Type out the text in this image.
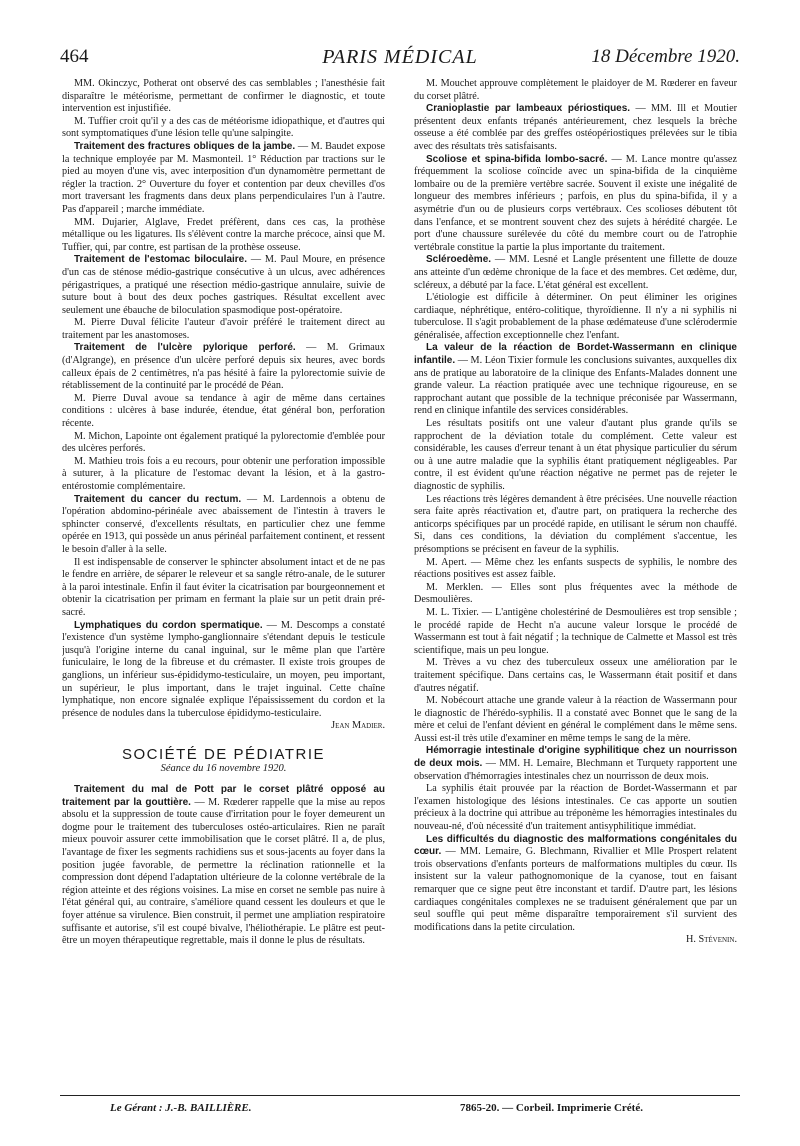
464	PARIS MÉDICAL	18 Décembre 1920.

MM. Okinczyc, Potherat ont observé des cas semblables ; l'anesthésie fait disparaître le météorisme, permettant de confirmer le diagnostic, et toute intervention est injustifiée.

M. Tuffier croit qu'il y a des cas de météorisme idiopathique, et d'autres qui sont symptomatiques d'une lésion telle qu'une salpingite.

Traitement des fractures obliques de la jambe. — M. Baudet expose la technique employée par M. Masmonteil. 1° Réduction par tractions sur le pied au moyen d'une vis, avec interposition d'un dynamomètre permettant de régler la traction. 2° Ouverture du foyer et contention par deux chevilles d'os mort traversant les fragments dans deux plans perpendiculaires l'un à l'autre. Pas d'appareil ; marche immédiate.

MM. Dujarier, Alglave, Fredet préfèrent, dans ces cas, la prothèse métallique ou les ligatures. Ils s'élèvent contre la marche précoce, ainsi que M. Tuffier, qui, par contre, est partisan de la prothèse osseuse.

Traitement de l'estomac biloculaire. — M. Paul Moure, en présence d'un cas de sténose médio-gastrique consécutive à un ulcus, avec adhérences périgastriques, a pratiqué une résection médio-gastrique annulaire, suivie de suture bout à bout des deux poches gastriques. Résultat excellent avec seulement une ébauche de biloculation spasmodique post-opératoire.

M. Pierre Duval félicite l'auteur d'avoir préféré le traitement direct au traitement par les anastomoses.

Traitement de l'ulcère pylorique perforé. — M. Grimaux (d'Algrange), en présence d'un ulcère perforé depuis six heures, avec bords calleux épais de 2 centimètres, n'a pas hésité à faire la pylorectomie suivie de rétablissement de la continuité par le procédé de Péan.

M. Pierre Duval avoue sa tendance à agir de même dans certaines conditions : ulcères à base indurée, étendue, état général bon, perforation récente.

M. Michon, Lapointe ont également pratiqué la pylorectomie d'emblée pour des ulcères perforés.

M. Mathieu trois fois a eu recours, pour obtenir une perforation impossible à suturer, à la plicature de l'estomac devant la lésion, et à la gastro-entérostomie complémentaire.

Traitement du cancer du rectum. — M. Lardennois a obtenu de l'opération abdomino-périnéale avec abaissement de l'intestin à travers le sphincter conservé, d'excellents résultats, en particulier chez une femme opérée en 1913, qui possède un anus périnéal parfaitement continent, et ressent le besoin d'aller à la selle.

Il est indispensable de conserver le sphincter absolument intact et de ne pas le fendre en arrière, de séparer le releveur et sa sangle rétro-anale, de le suturer à la paroi intestinale. Enfin il faut éviter la cicatrisation par bourgeonnement et obtenir la cicatrisation per primam en fermant la plaie sur un petit drain pré-sacré.

Lymphatiques du cordon spermatique. — M. Descomps a constaté l'existence d'un système lympho-ganglionnaire s'étendant depuis le testicule jusqu'à l'origine interne du canal inguinal, sur le même plan que l'artère funiculaire, le long de la fibreuse et du crémaster. Il existe trois groupes de ganglions, un inférieur sus-épididymo-testiculaire, un moyen, peu important, un supérieur, le plus important, dans le trajet inguinal. Cette chaîne lymphatique, non encore signalée explique l'épaississement du cordon et la présence de nodules dans la tuberculose épididymo-testiculaire.

Jean Madier.

SOCIÉTÉ DE PÉDIATRIE
Séance du 16 novembre 1920.

Traitement du mal de Pott par le corset plâtré opposé au traitement par la gouttière. — M. Rœderer rappelle que la mise au repos absolu et la suppression de toute cause d'irritation pour le foyer demeurent un dogme pour le traitement des tuberculoses ostéo-articulaires. Rien ne paraît mieux pouvoir assurer cette immobilisation que le corset plâtré. Il a, de plus, l'avantage de fixer les segments rachidiens sus et sous-jacents au foyer dans la position jugée favorable, de permettre la réclination rationnelle et la compression dont dépend l'adaptation ultérieure de la colonne vertébrale de la région atteinte et des régions voisines. La mise en corset ne semble pas nuire à l'état général qui, au contraire, s'améliore quand cessent les douleurs et que le foyer atténue sa virulence. Bien construit, il permet une ampliation respiratoire suffisante et autorise, s'il est coupé bivalve, l'héliothérapie. Le plâtre est peut-être un moyen thérapeutique regrettable, mais il donne le plus de résultats.

M. Mouchet approuve complètement le plaidoyer de M. Rœderer en faveur du corset plâtré.

Cranioplastie par lambeaux périostiques. — MM. Ill et Moutier présentent deux enfants trépanés antérieurement, chez lesquels la brèche osseuse a été comblée par des greffes ostéopériostiques prélevées sur le tibia avec des résultats très satisfaisants.

Scoliose et spina-bifida lombo-sacré. — M. Lance montre qu'assez fréquemment la scoliose coïncide avec un spina-bifida de la cinquième lombaire ou de la première vertèbre sacrée. Souvent il existe une inégalité de longueur des membres inférieurs ; parfois, en plus du spina-bifida, il y a asymétrie d'un ou de plusieurs corps vertébraux. Ces scolioses débutent tôt dans l'enfance, et se montrent souvent chez des sujets à hérédité chargée. Le port d'une chaussure surélevée du côté du membre court ou de l'atrophie vertébrale constitue la partie la plus importante du traitement.

Scléroedème. — MM. Lesné et Langle présentent une fillette de douze ans atteinte d'un œdème chronique de la face et des membres. Cet œdème, dur, scléreux, a débuté par la face. L'état général est excellent.

L'étiologie est difficile à déterminer. On peut éliminer les origines cardiaque, néphrétique, entéro-colitique, thyroïdienne. Il n'y a ni syphilis ni tuberculose. Il s'agit probablement de la phase œdémateuse d'une sclérodermie généralisée, affection exceptionnelle chez l'enfant.

La valeur de la réaction de Bordet-Wassermann en clinique infantile. — M. Léon Tixier formule les conclusions suivantes, auxquelles dix ans de pratique au laboratoire de la clinique des Enfants-Malades donnent une grande valeur. La réaction pratiquée avec une technique rigoureuse, en se rapprochant autant que possible de la technique préconisée par Wassermann, rend en clinique infantile des services considérables.

Les résultats positifs ont une valeur d'autant plus grande qu'ils se rapprochent de la déviation totale du complément. Cette valeur est considérable, les causes d'erreur tenant à un état physique particulier du sérum ou à une autre maladie que la syphilis étant pratiquement négligeables. Par contre, il est évident qu'une réaction négative ne permet pas de rejeter le diagnostic de syphilis.

Les réactions très légères demandent à être précisées. Une nouvelle réaction sera faite après réactivation et, d'autre part, on pratiquera la recherche des anticorps spécifiques par un procédé rapide, en utilisant le sérum non chauffé. Si, dans ces conditions, la déviation du complément s'accentue, les présomptions se précisent en faveur de la syphilis.

M. Apert. — Même chez les enfants suspects de syphilis, le nombre des réactions positives est assez faible.

M. Merklen. — Elles sont plus fréquentes avec la méthode de Desmoulières.

M. L. Tixier. — L'antigène cholestériné de Desmoulières est trop sensible ; le procédé rapide de Hecht n'a aucune valeur lorsque le procédé de Wassermann est tout à fait négatif ; la technique de Calmette et Massol est très scientifique, mais un peu longue.

M. Trèves a vu chez des tuberculeux osseux une amélioration par le traitement spécifique. Dans certains cas, le Wassermann était positif et dans d'autres négatif.

M. Nobécourt attache une grande valeur à la réaction de Wassermann pour le diagnostic de l'hérédo-syphilis. Il a constaté avec Bonnet que le sang de la mère et celui de l'enfant dévient en général le complément dans le même sens. Aussi est-il très utile d'examiner en même temps le sang de la mère.

Hémorragie intestinale d'origine syphilitique chez un nourrisson de deux mois. — MM. H. Lemaire, Blechmann et Turquety rapportent une observation d'hémorragies intestinales chez un nourrisson de deux mois.

La syphilis était prouvée par la réaction de Bordet-Wassermann et par l'examen histologique des lésions intestinales. Ce cas apporte un soutien précieux à la doctrine qui attribue au tréponème les hémorragies intestinales du nouveau-né, d'où nécessité d'un traitement antisyphilitique immédiat.

Les difficultés du diagnostic des malformations congénitales du cœur. — MM. Lemaire, G. Blechmann, Rivallier et Mlle Prospert relatent trois observations d'enfants porteurs de malformations multiples du cœur. Ils insistent sur la valeur pathognomonique de la cyanose, tout en faisant remarquer que ce signe peut être inconstant et tardif. D'autre part, les lésions cardiaques congénitales complexes ne se traduisent généralement que par un seul souffle qui peut même disparaître temporairement s'il survient des modifications dans la petite circulation.

H. Stévenin.

Le Gérant : J.-B. BAILLIÈRE.	7865-20. — Corbeil. Imprimerie Crété.
